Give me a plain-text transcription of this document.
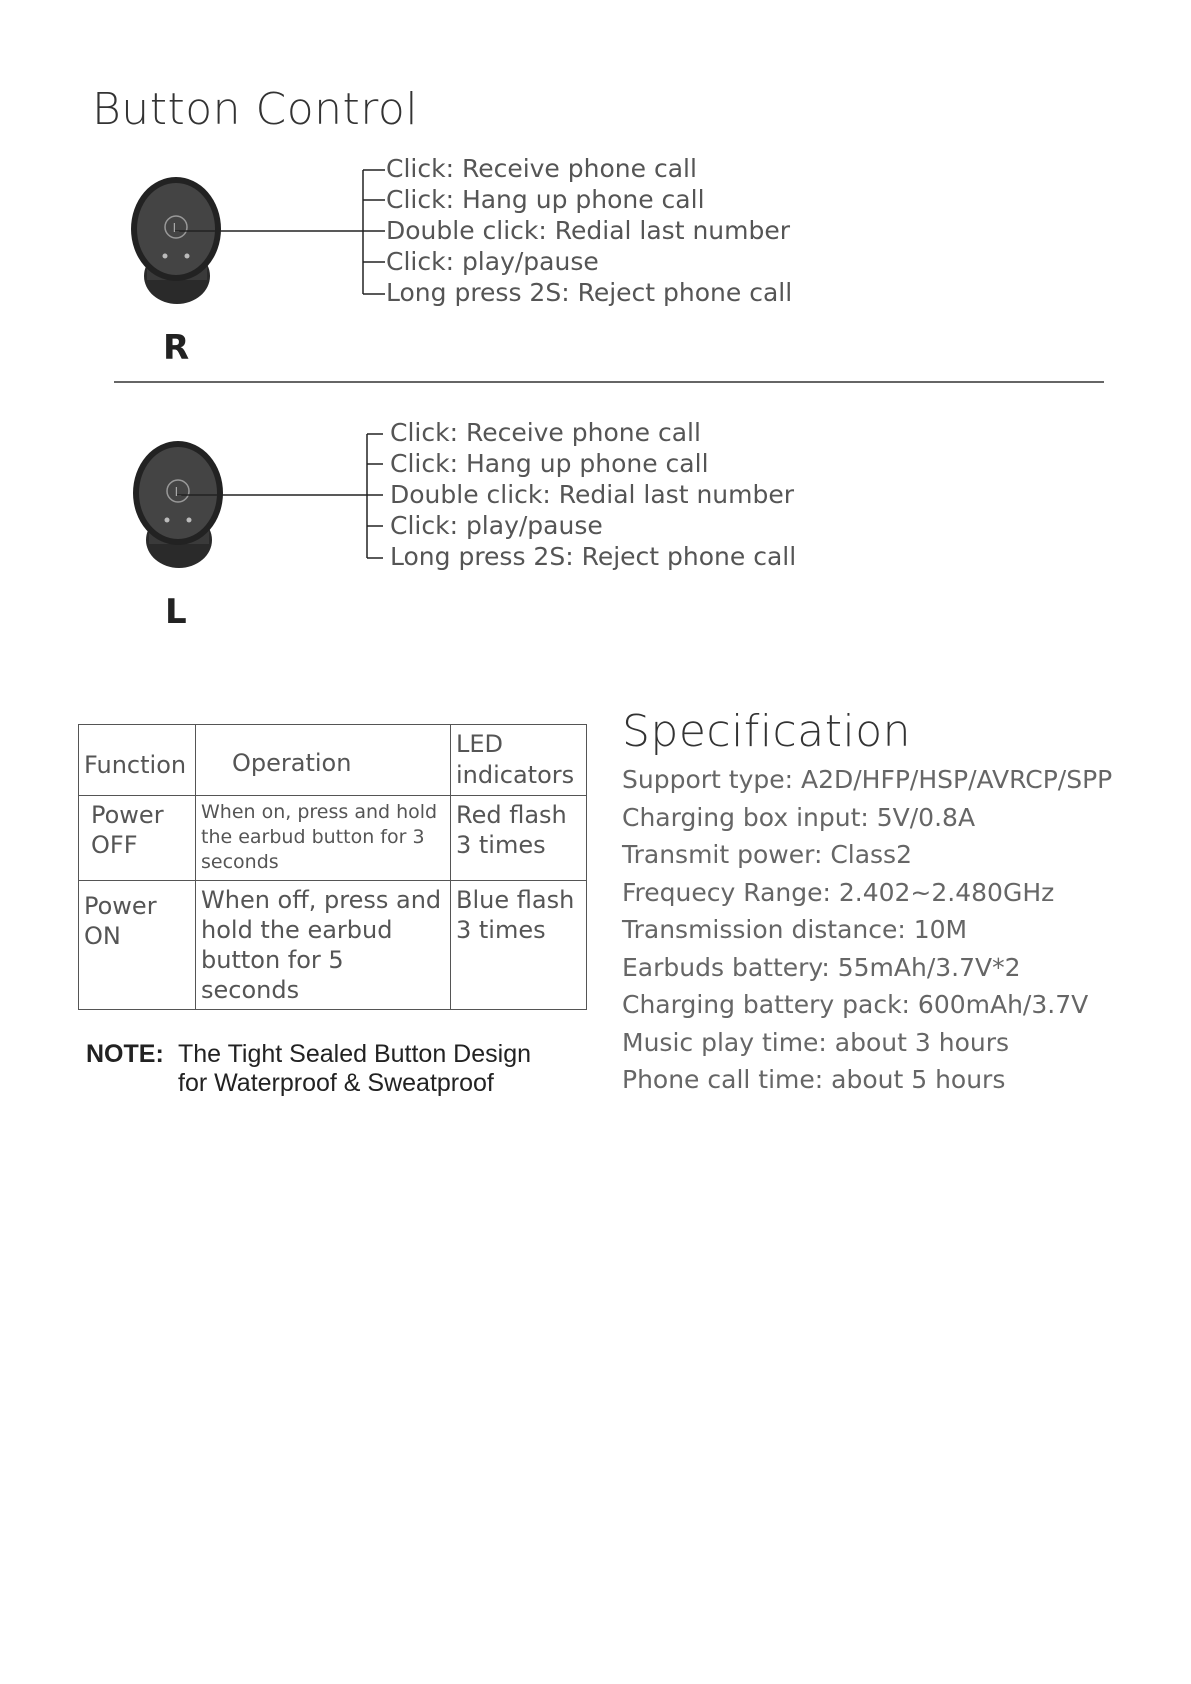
Button Control
L
R
Click: Receive phone call
Click: Hang up phone call
Double click: Redial last number
Click: play/pause
Long press 2S: Reject phone call
L
L
Click: Receive phone call
Click: Hang up phone call
Double click: Redial last number
Click: play/pause
Long press 2S: Reject phone call
Function	Operation	LED indicators
Power OFF	When on, press and hold the earbud button for 3 seconds	Red flash 3 times
Power ON	When off, press and hold the earbud button for 5 seconds	Blue flash 3 times
NOTE: The Tight Sealed Button Design
for Waterproof & Sweatproof
Specification
Support type: A2D/HFP/HSP/AVRCP/SPP
Charging box input: 5V/0.8A
Transmit power: Class2
Frequecy Range: 2.402~2.480GHz
Transmission distance: 10M
Earbuds battery: 55mAh/3.7V*2
Charging battery pack: 600mAh/3.7V
Music play time: about 3 hours
Phone call time: about 5 hours
